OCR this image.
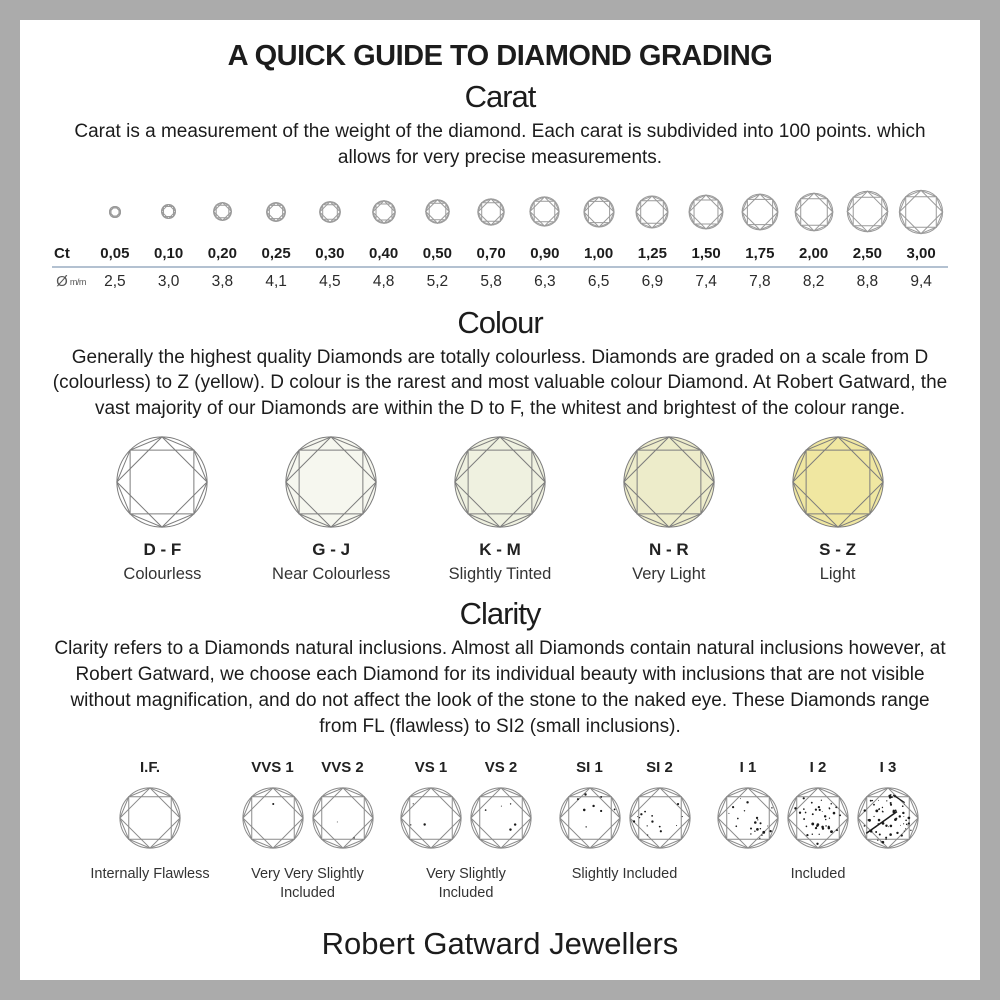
A QUICK GUIDE TO DIAMOND GRADING
Carat
Carat is a measurement of the weight of the diamond. Each carat is subdivided into 100 points. which allows for very precise measurements.
Ct	0,05	0,10	0,20	0,25	0,30	0,40	0,50	0,70	0,90	1,00	1,25	1,50	1,75	2,00	2,50	3,00
Ø m/m 2,5 3,0 3,8 4,1 4,5 4,8 5,2 5,8 6,3 6,5 6,9 7,4 7,8 8,2 8,8 9,4
Colour
Generally the highest quality Diamonds are totally colourless. Diamonds are graded on a scale from D (colourless) to Z (yellow). D colour is the rarest and most valuable colour Diamond. At Robert Gatward, the vast majority of our Diamonds are within the D to F, the whitest and brightest of the colour range.
D - F
Colourless
G - J
Near Colourless
K - M
Slightly Tinted
N - R
Very Light
S - Z
Light
Clarity
Clarity refers to a Diamonds natural inclusions. Almost all Diamonds contain natural inclusions however, at Robert Gatward, we choose each Diamond for its individual beauty with inclusions that are not visible without magnification, and do not affect the look of the stone to the naked eye. These Diamonds range from FL (flawless) to SI2 (small inclusions).
I.F.
Internally Flawless
VVS 1	VVS 2
Very Very Slightly Included
VS 1	VS 2
Very Slightly Included
SI 1	SI 2
Slightly Included
I 1	I 2	I 3
Included
Robert Gatward Jewellers
